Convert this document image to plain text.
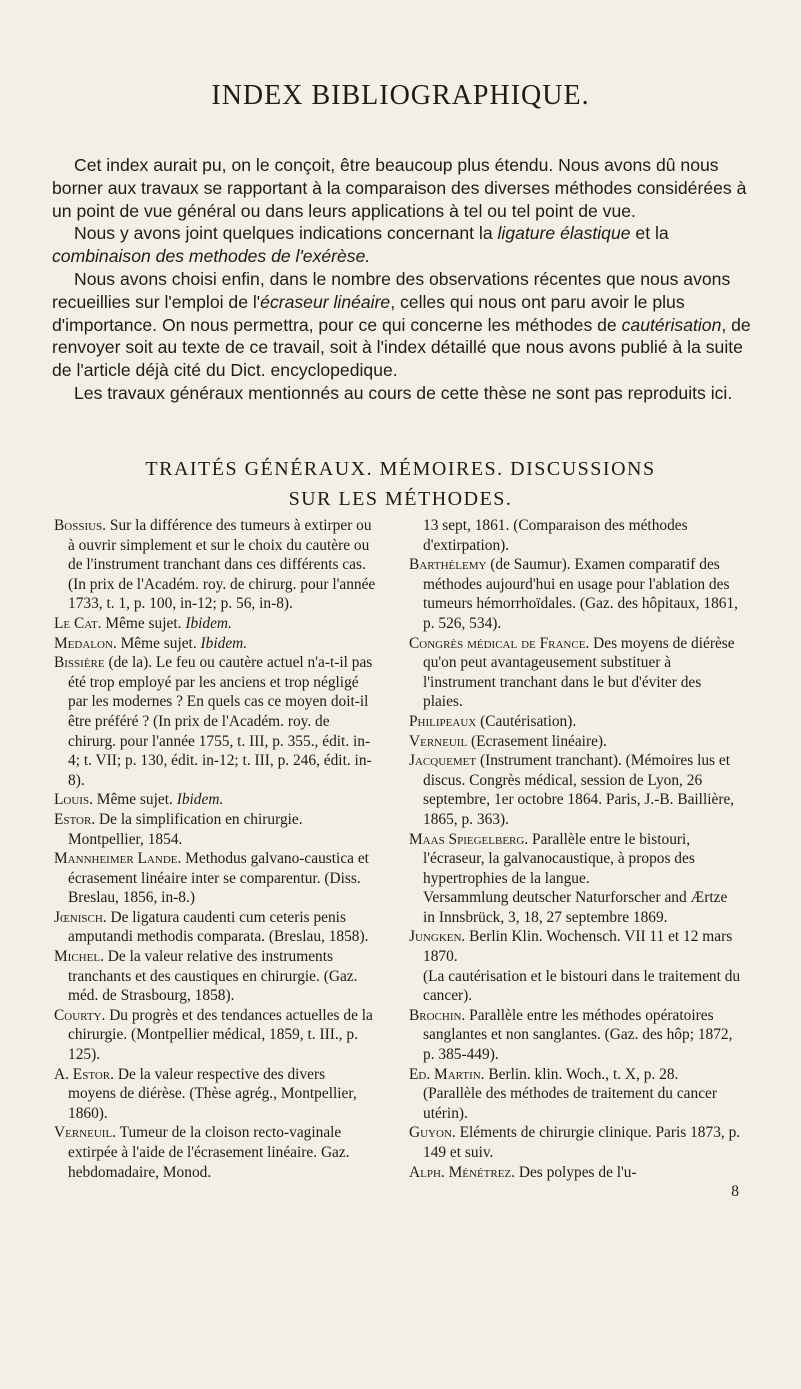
INDEX BIBLIOGRAPHIQUE.

Cet index aurait pu, on le conçoit, être beaucoup plus étendu. Nous avons dû nous borner aux travaux se rapportant à la comparaison des diverses méthodes considérées à un point de vue général ou dans leurs applications à tel ou tel point de vue.

Nous y avons joint quelques indications concernant la ligature élastique et la combinaison des methodes de l'exérèse.

Nous avons choisi enfin, dans le nombre des observations récentes que nous avons recueillies sur l'emploi de l'écraseur linéaire, celles qui nous ont paru avoir le plus d'importance. On nous permettra, pour ce qui concerne les méthodes de cautérisation, de renvoyer soit au texte de ce travail, soit à l'index détaillé que nous avons publié à la suite de l'article déjà cité du Dict. encyclopedique.

Les travaux généraux mentionnés au cours de cette thèse ne sont pas reproduits ici.

TRAITÉS GÉNÉRAUX. MÉMOIRES. DISCUSSIONS
SUR LES MÉTHODES.

Bossius. Sur la différence des tumeurs à extirper ou à ouvrir simplement et sur le choix du cautère ou de l'instrument tranchant dans ces différents cas. (In prix de l'Académ. roy. de chirurg. pour l'année 1733, t. 1, p. 100, in-12; p. 56, in-8).

Le Cat. Même sujet. Ibidem.

Medalon. Même sujet. Ibidem.

Bissière (de la). Le feu ou cautère actuel n'a-t-il pas été trop employé par les anciens et trop négligé par les modernes ? En quels cas ce moyen doit-il être préféré ? (In prix de l'Académ. roy. de chirurg. pour l'année 1755, t. III, p. 355., édit. in-4; t. VII; p. 130, édit. in-12; t. III, p. 246, édit. in-8).

Louis. Même sujet. Ibidem.

Estor. De la simplification en chirurgie. Montpellier, 1854.

Mannheimer Lande. Methodus galvano-caustica et écrasement linéaire inter se comparentur. (Diss. Breslau, 1856, in-8.)

Jœnisch. De ligatura caudenti cum ceteris penis amputandi methodis comparata. (Breslau, 1858).

Michel. De la valeur relative des instruments tranchants et des caustiques en chirurgie. (Gaz. méd. de Strasbourg, 1858).

Courty. Du progrès et des tendances actuelles de la chirurgie. (Montpellier médical, 1859, t. III., p. 125).

A. Estor. De la valeur respective des divers moyens de diérèse. (Thèse agrég., Montpellier, 1860).

Verneuil. Tumeur de la cloison recto-vaginale extirpée à l'aide de l'écrasement linéaire. Gaz. hebdomadaire, Monod.

13 sept, 1861. (Comparaison des méthodes d'extirpation).

Barthélemy (de Saumur). Examen comparatif des méthodes aujourd'hui en usage pour l'ablation des tumeurs hémorrhoïdales. (Gaz. des hôpitaux, 1861, p. 526, 534).

Congrès médical de France. Des moyens de diérèse qu'on peut avantageusement substituer à l'instrument tranchant dans le but d'éviter des plaies.

Philipeaux (Cautérisation).

Verneuil (Ecrasement linéaire).

Jacquemet (Instrument tranchant). (Mémoires lus et discus. Congrès médical, session de Lyon, 26 septembre, 1er octobre 1864. Paris, J.-B. Baillière, 1865, p. 363).

Maas Spiegelberg. Parallèle entre le bistouri, l'écraseur, la galvanocaustique, à propos des hypertrophies de la langue.

Versammlung deutscher Naturforscher and Ærtze in Innsbrück, 3, 18, 27 septembre 1869.

Jungken. Berlin Klin. Wochensch. VII 11 et 12 mars 1870.

(La cautérisation et le bistouri dans le traitement du cancer).

Brochin. Parallèle entre les méthodes opératoires sanglantes et non sanglantes. (Gaz. des hôp; 1872, p. 385-449).

Ed. Martin. Berlin. klin. Woch., t. X, p. 28.

(Parallèle des méthodes de traitement du cancer utérin).

Guyon. Eléments de chirurgie clinique. Paris 1873, p. 149 et suiv.

Alph. Ménétrez. Des polypes de l'u-

8
